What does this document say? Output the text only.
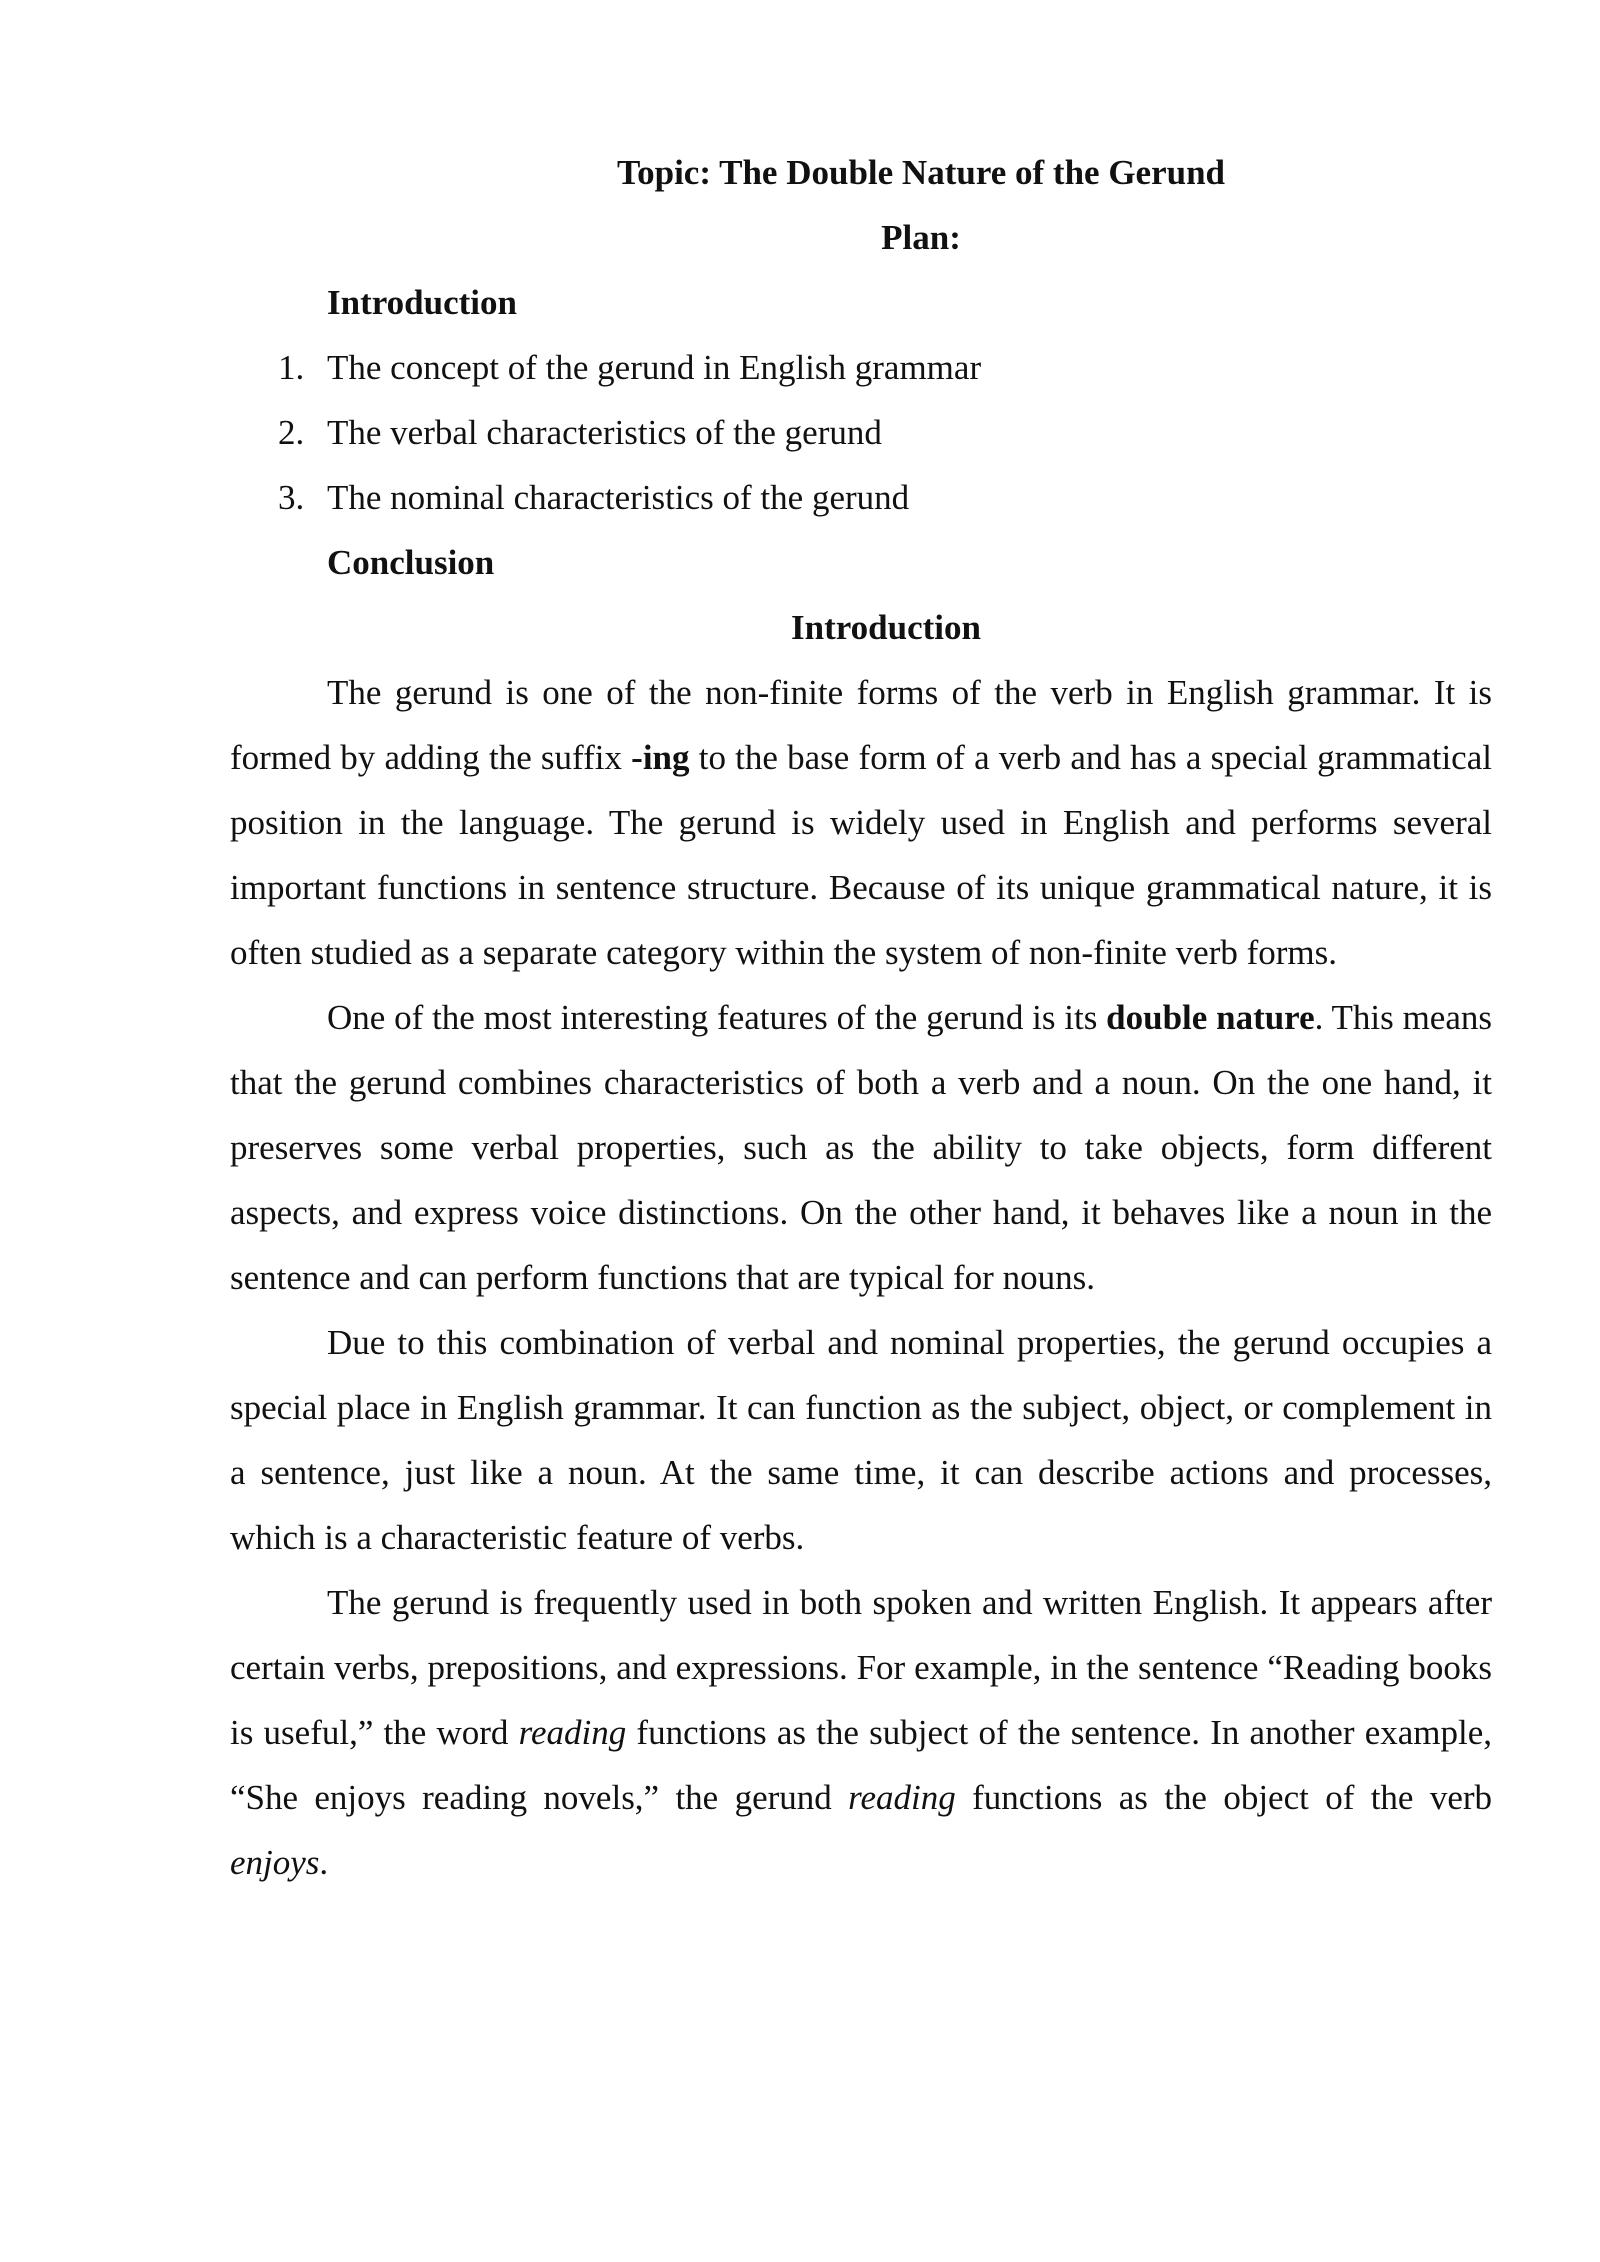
Topic: The Double Nature of the Gerund

Plan:

Introduction

1. The concept of the gerund in English grammar
2. The verbal characteristics of the gerund
3. The nominal characteristics of the gerund

Conclusion

Introduction

The gerund is one of the non-finite forms of the verb in English grammar. It is formed by adding the suffix -ing to the base form of a verb and has a special grammatical position in the language. The gerund is widely used in English and performs several important functions in sentence structure. Because of its unique grammatical nature, it is often studied as a separate category within the system of non-finite verb forms.

One of the most interesting features of the gerund is its double nature. This means that the gerund combines characteristics of both a verb and a noun. On the one hand, it preserves some verbal properties, such as the ability to take objects, form different aspects, and express voice distinctions. On the other hand, it behaves like a noun in the sentence and can perform functions that are typical for nouns.

Due to this combination of verbal and nominal properties, the gerund occupies a special place in English grammar. It can function as the subject, object, or complement in a sentence, just like a noun. At the same time, it can describe actions and processes, which is a characteristic feature of verbs.

The gerund is frequently used in both spoken and written English. It appears after certain verbs, prepositions, and expressions. For example, in the sentence “Reading books is useful,” the word reading functions as the subject of the sentence. In another example, “She enjoys reading novels,” the gerund reading functions as the object of the verb enjoys.
